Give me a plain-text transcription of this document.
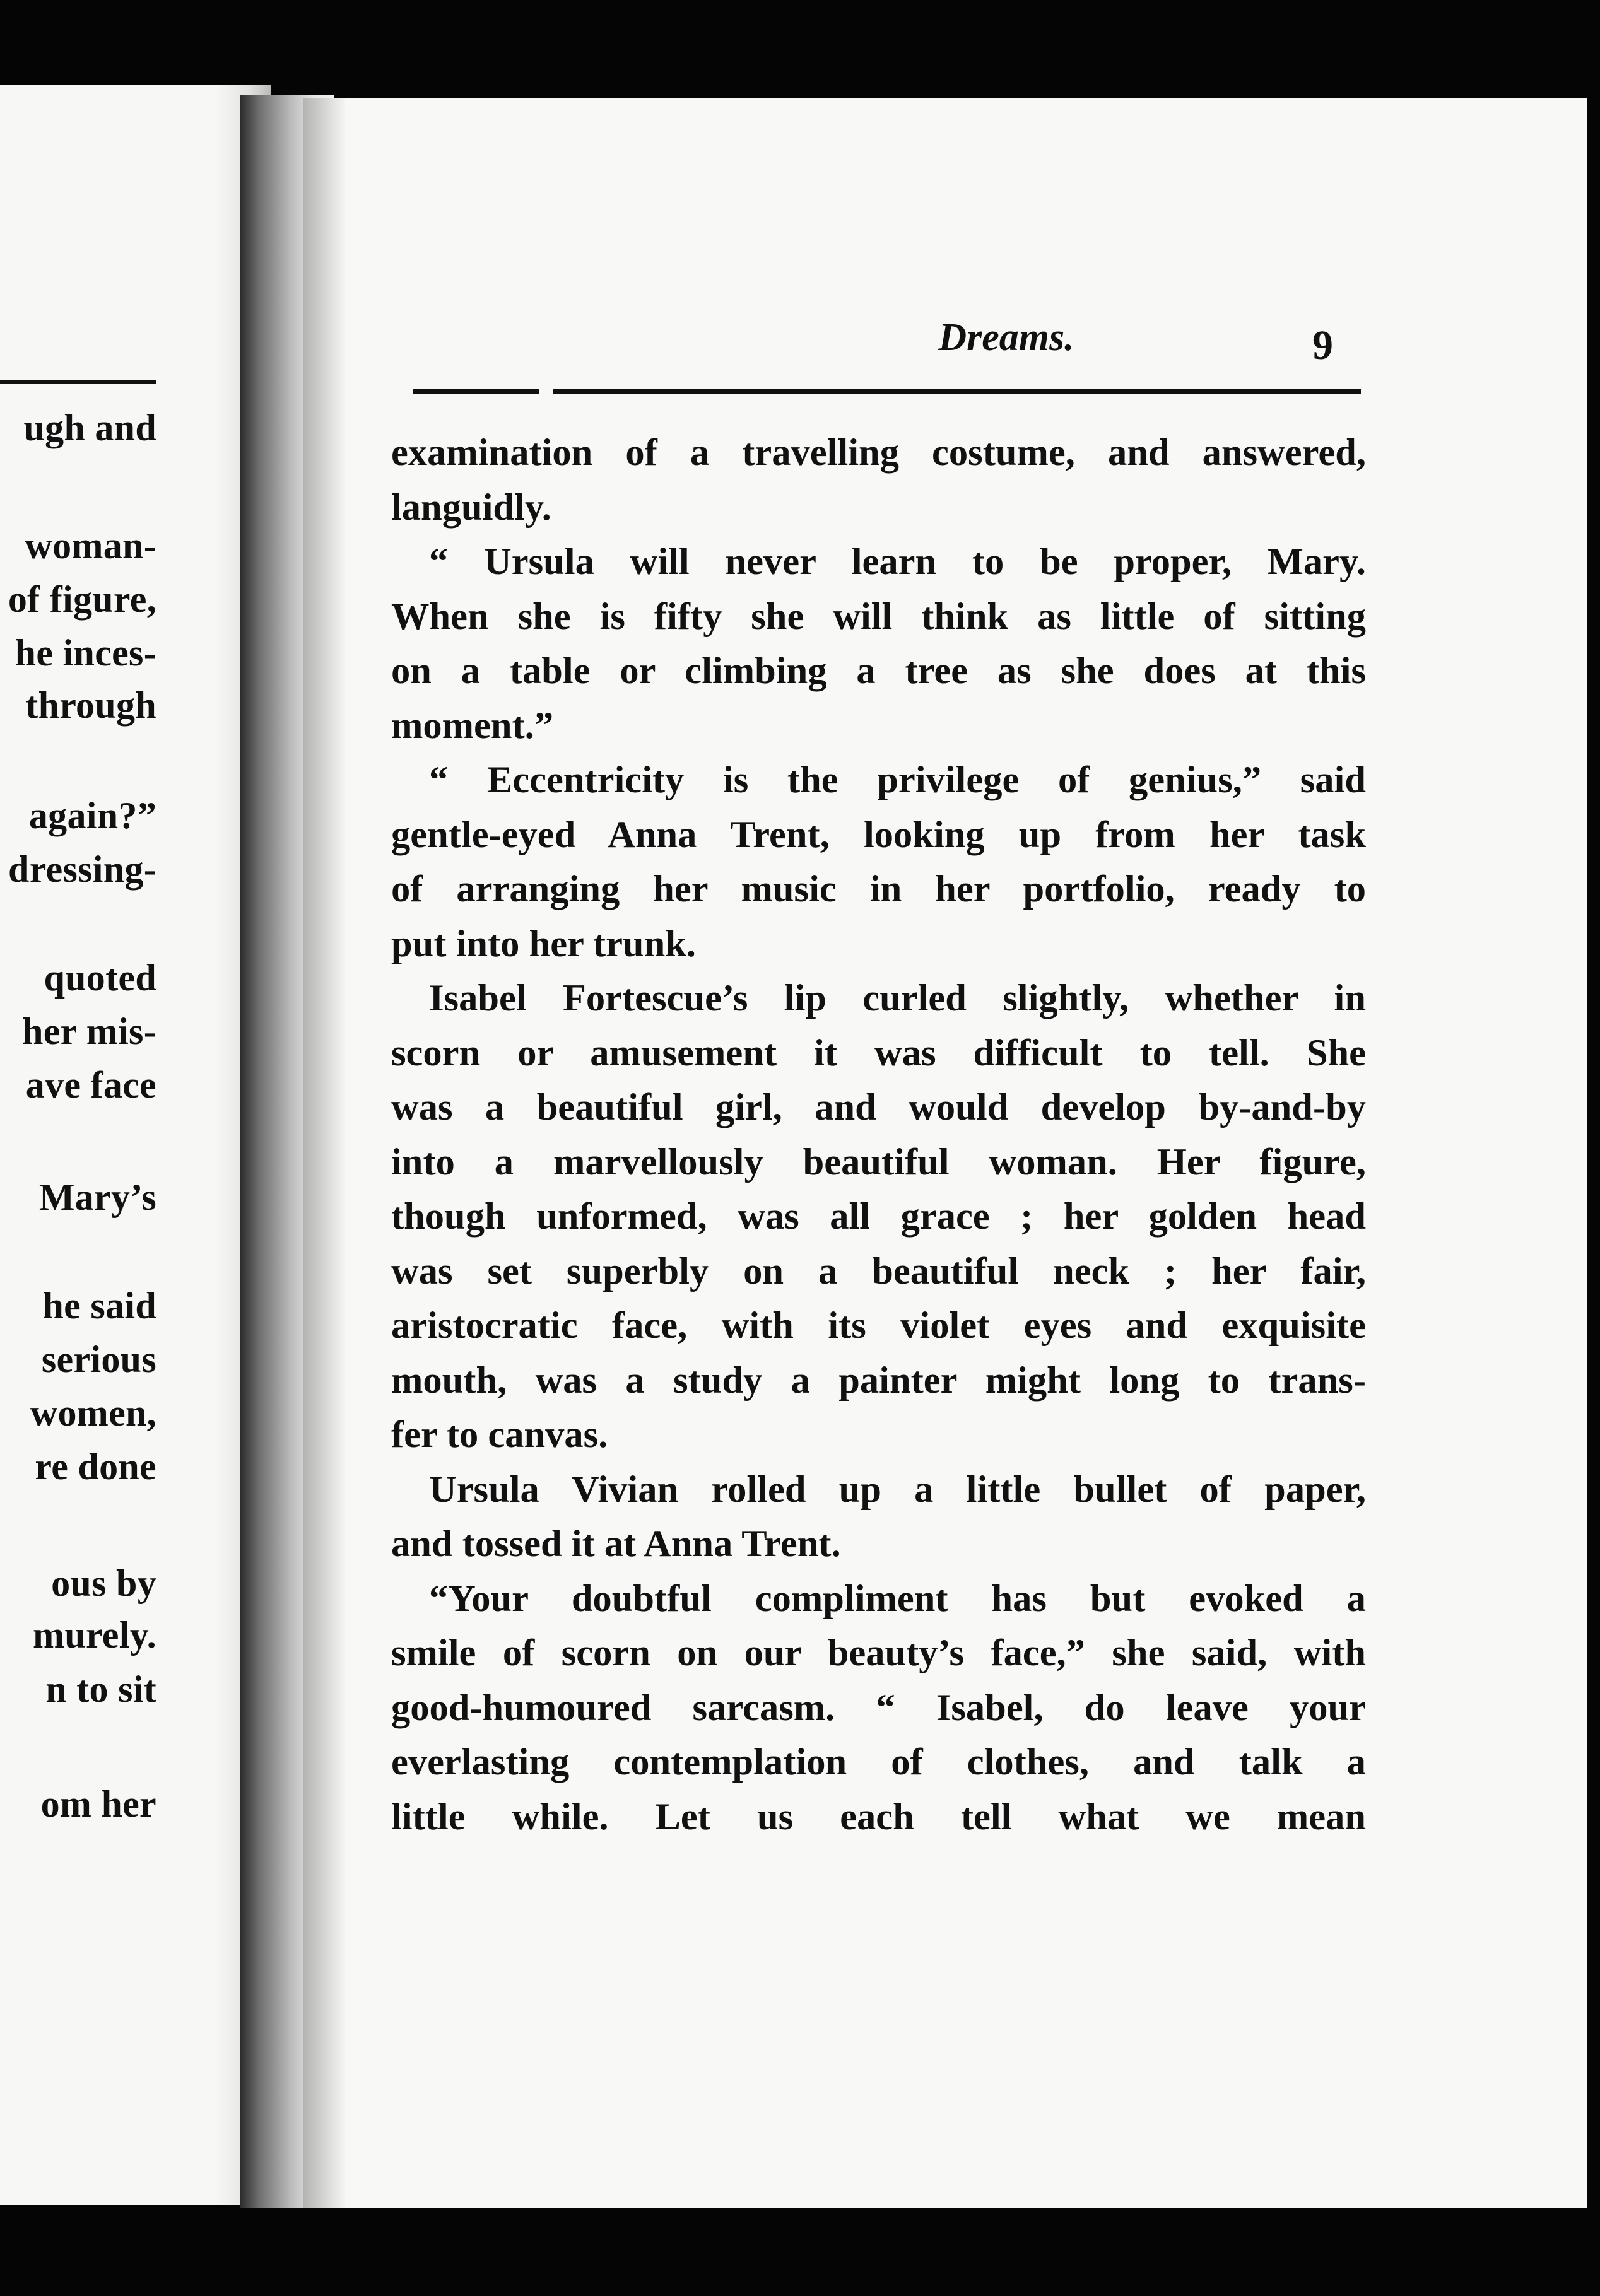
ugh and
woman-
of figure,
he inces-
through
again?”
dressing-
quoted
her mis-
ave face
Mary’s
he said
serious
women,
re done
ous by
murely.
n to sit
om her
Dreams.	9
examination of a travelling costume, and answered,
languidly.
“ Ursula will never learn to be proper, Mary.
When she is fifty she will think as little of sitting
on a table or climbing a tree as she does at this
moment.”
“ Eccentricity is the privilege of genius,” said
gentle-eyed Anna Trent, looking up from her task
of arranging her music in her portfolio, ready to
put into her trunk.
Isabel Fortescue’s lip curled slightly, whether in
scorn or amusement it was difficult to tell. She
was a beautiful girl, and would develop by-and-by
into a marvellously beautiful woman. Her figure,
though unformed, was all grace ; her golden head
was set superbly on a beautiful neck ; her fair,
aristocratic face, with its violet eyes and exquisite
mouth, was a study a painter might long to trans-
fer to canvas.
Ursula Vivian rolled up a little bullet of paper,
and tossed it at Anna Trent.
“Your doubtful compliment has but evoked a
smile of scorn on our beauty’s face,” she said, with
good-humoured sarcasm. “ Isabel, do leave your
everlasting contemplation of clothes, and talk a
little while. Let us each tell what we mean
